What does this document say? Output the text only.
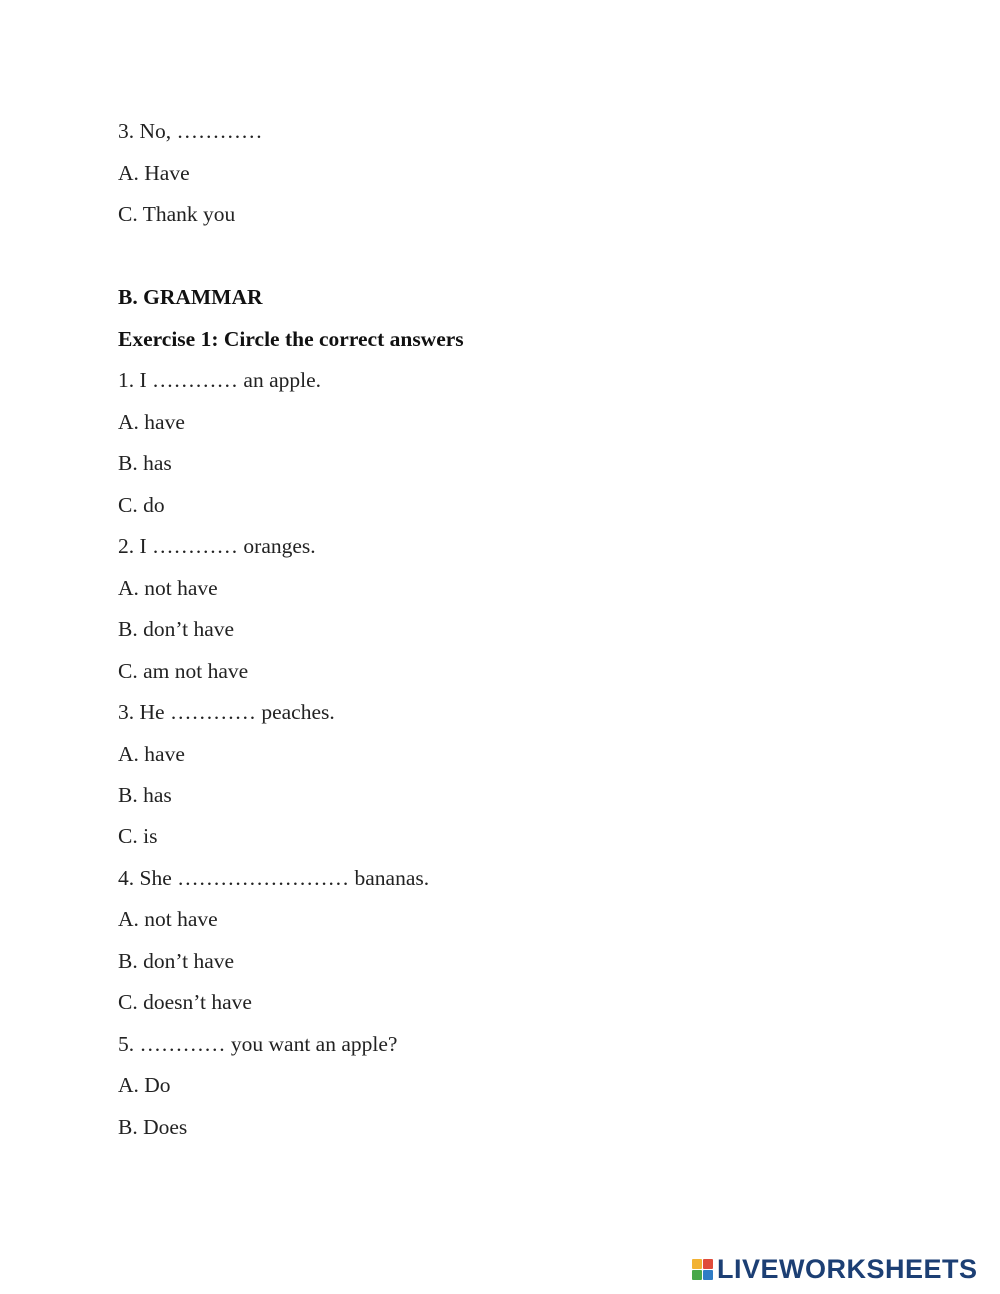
3. No, …………

A. Have

C. Thank you

B. GRAMMAR

Exercise 1: Circle the correct answers

1. I ………… an apple.

A. have

B. has

C. do

2. I ………… oranges.

A. not have

B. don’t have

C. am not have

3. He ………… peaches.

A. have

B. has

C. is

4. She …………………… bananas.

A. not have

B. don’t have

C. doesn’t have

5. ………… you want an apple?

A. Do

B. Does

LIVEWORKSHEETS
